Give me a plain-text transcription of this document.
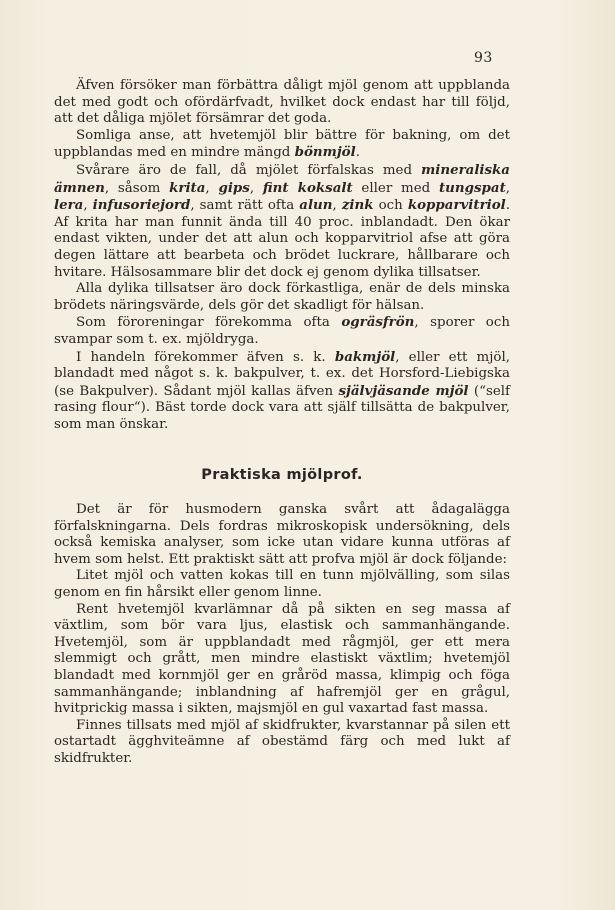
93

Äfven försöker man förbättra dåligt mjöl genom att uppblanda det med godt och ofördärfvadt, hvilket dock endast har till följd, att det dåliga mjölet försämrar det goda.

Somliga anse, att hvetemjöl blir bättre för bakning, om det uppblandas med en mindre mängd bönmjöl.

Svårare äro de fall, då mjölet förfalskas med mineraliska ämnen, såsom krita, gips, fint koksalt eller med tungspat, lera, infusoriejord, samt rätt ofta alun, zink och kopparvitriol. Af krita har man funnit ända till 40 proc. inblandadt. Den ökar endast vikten, under det att alun och kopparvitriol afse att göra degen lättare att bearbeta och brödet luckrare, hållbarare och hvitare. Hälsosammare blir det dock ej genom dylika tillsatser.

Alla dylika tillsatser äro dock förkastliga, enär de dels minska brödets näringsvärde, dels gör det skadligt för hälsan.

Som föroreningar förekomma ofta ogräsfrön, sporer och svampar som t. ex. mjöldryga.

I handeln förekommer äfven s. k. bakmjöl, eller ett mjöl, blandadt med något s. k. bakpulver, t. ex. det Horsford-Liebigska (se Bakpulver). Sådant mjöl kallas äfven självjäsande mjöl (“self rasing flour“). Bäst torde dock vara att själf tillsätta de bakpulver, som man önskar.

Praktiska mjölprof.

Det är för husmodern ganska svårt att ådagalägga förfalskningarna. Dels fordras mikroskopisk undersökning, dels också kemiska analyser, som icke utan vidare kunna utföras af hvem som helst. Ett praktiskt sätt att profva mjöl är dock följande:

Litet mjöl och vatten kokas till en tunn mjölvälling, som silas genom en fin hårsikt eller genom linne.

Rent hvetemjöl kvarlämnar då på sikten en seg massa af växtlim, som bör vara ljus, elastisk och sammanhängande. Hvetemjöl, som är uppblandadt med rågmjöl, ger ett mera slemmigt och grått, men mindre elastiskt växtlim; hvetemjöl blandadt med kornmjöl ger en gråröd massa, klimpig och föga sammanhängande; inblandning af hafremjöl ger en grågul, hvitprickig massa i sikten, majsmjöl en gul vaxartad fast massa.

Finnes tillsats med mjöl af skidfrukter, kvarstannar på silen ett ostartadt ägghvitеämne af obestämd färg och med lukt af skidfrukter.
